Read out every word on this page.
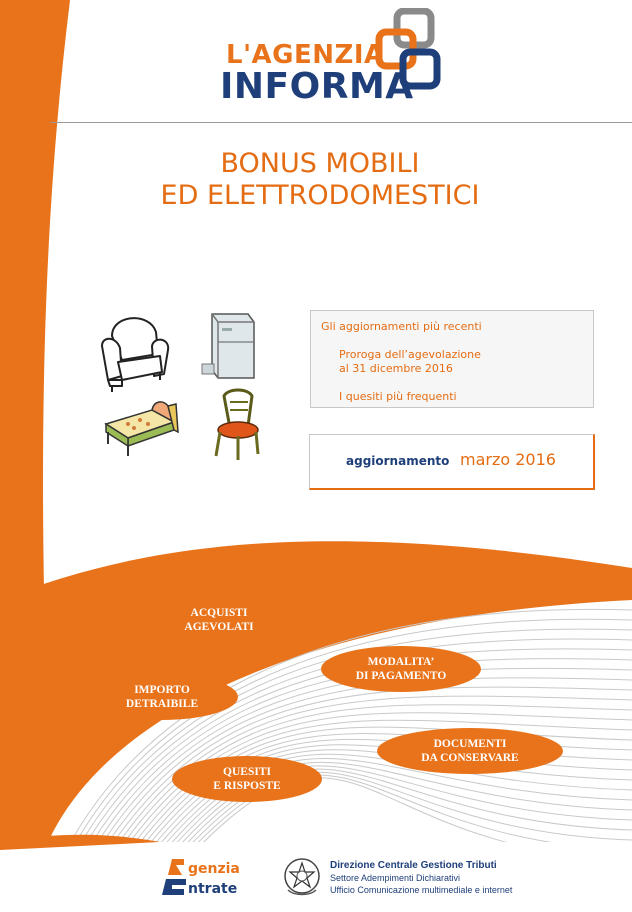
L'AGENZIA
INFORMA
BONUS MOBILI
ED ELETTRODOMESTICI
Gli aggiornamenti più recenti
Proroga dell’agevolazione
al 31 dicembre 2016
I quesiti più frequenti
aggiornamento marzo 2016
ACQUISTI
AGEVOLATI
MODALITA’
DI PAGAMENTO
IMPORTO
DETRAIBILE
DOCUMENTI
DA CONSERVARE
QUESITI
E RISPOSTE
genzia
ntrate
Direzione Centrale Gestione Tributi
Settore Adempimenti Dichiarativi
Ufficio Comunicazione multimediale e internet
